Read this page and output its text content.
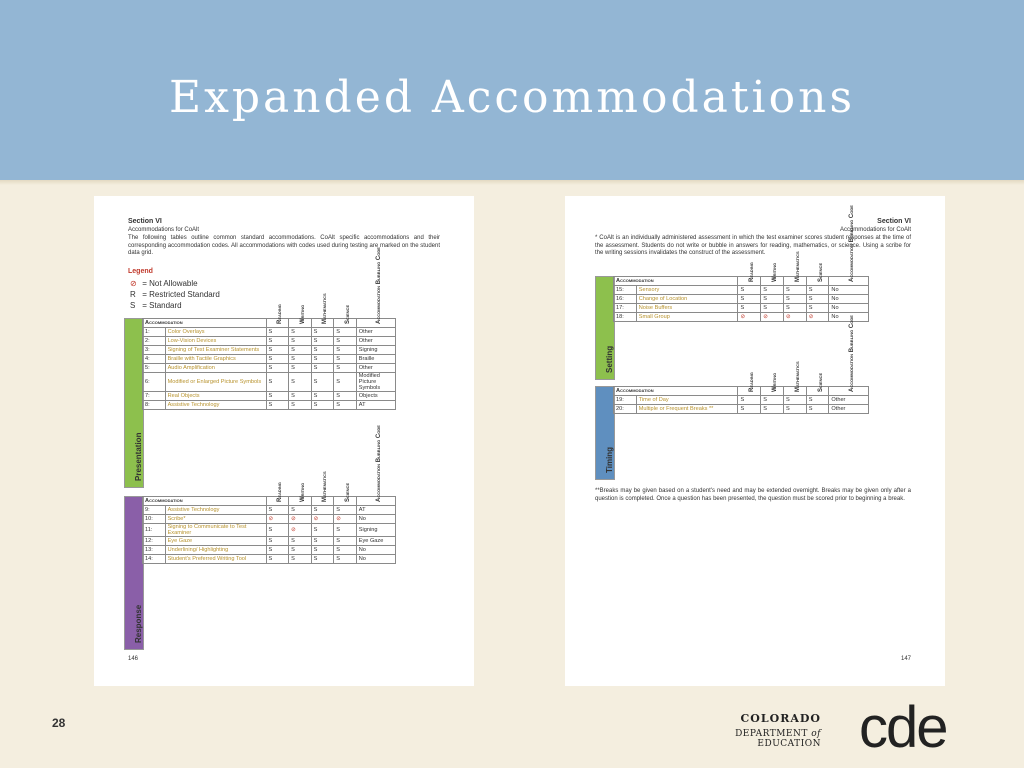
Expanded Accommodations
Section VI
Accommodations for CoAlt
The following tables outline common standard accommodations. CoAlt specific accommodations and their corresponding accommodation codes. All accommodations with codes used during testing are marked on the student data grid.
Legend
⊘ = Not Allowable
R = Restricted Standard
S = Standard
Presentation
Accommodation		Reading	Writing	Mathematics	Science	Accommodation Bubbling Code

1:	Color Overlays	S	S	S	S	Other
2:	Low-Vision Devices	S	S	S	S	Other
3:	Signing of Test Examiner Statements	S	S	S	S	Signing
4:	Braille with Tactile Graphics	S	S	S	S	Braille
5:	Audio Amplification	S	S	S	S	Other
6:	Modified or Enlarged Picture Symbols	S	S	S	S	Modified Picture Symbols
7:	Real Objects	S	S	S	S	Objects
8:	Assistive Technology	S	S	S	S	AT
Response
Accommodation		Reading	Writing	Mathematics	Science	Accommodation Bubbling Code

9:	Assistive Technology	S	S	S	S	AT
10:	Scribe*	⊘	⊘	⊘	⊘	No
11:	Signing to Communicate to Test Examiner	S	⊘	S	S	Signing
12:	Eye Gaze	S	S	S	S	Eye Gaze
13:	Underlining/ Highlighting	S	S	S	S	No
14:	Student's Preferred Writing Tool	S	S	S	S	No
146
Section VI
Accommodations for CoAlt
* CoAlt is an individually administered assessment in which the test examiner scores student responses at the time of the assessment. Students do not write or bubble in answers for reading, mathematics, or science. Using a scribe for the writing sessions invalidates the construct of the assessment.
Setting
Accommodation		Reading	Writing	Mathematics	Science	Accommodation Bubbling Code

15:	Sensory	S	S	S	S	No
16:	Change of Location	S	S	S	S	No
17:	Noise Buffers	S	S	S	S	No
18:	Small Group	⊘	⊘	⊘	⊘	No
Timing
Accommodation		Reading	Writing	Mathematics	Science	Accommodation Bubbling Code

19:	Time of Day	S	S	S	S	Other
20:	Multiple or Frequent Breaks **	S	S	S	S	Other
**Breaks may be given based on a student's need and may be extended overnight. Breaks may be given only after a question is completed. Once a question has been presented, the question must be scored prior to beginning a break.
147
28	COLORADO
DEPARTMENT of EDUCATION cde
